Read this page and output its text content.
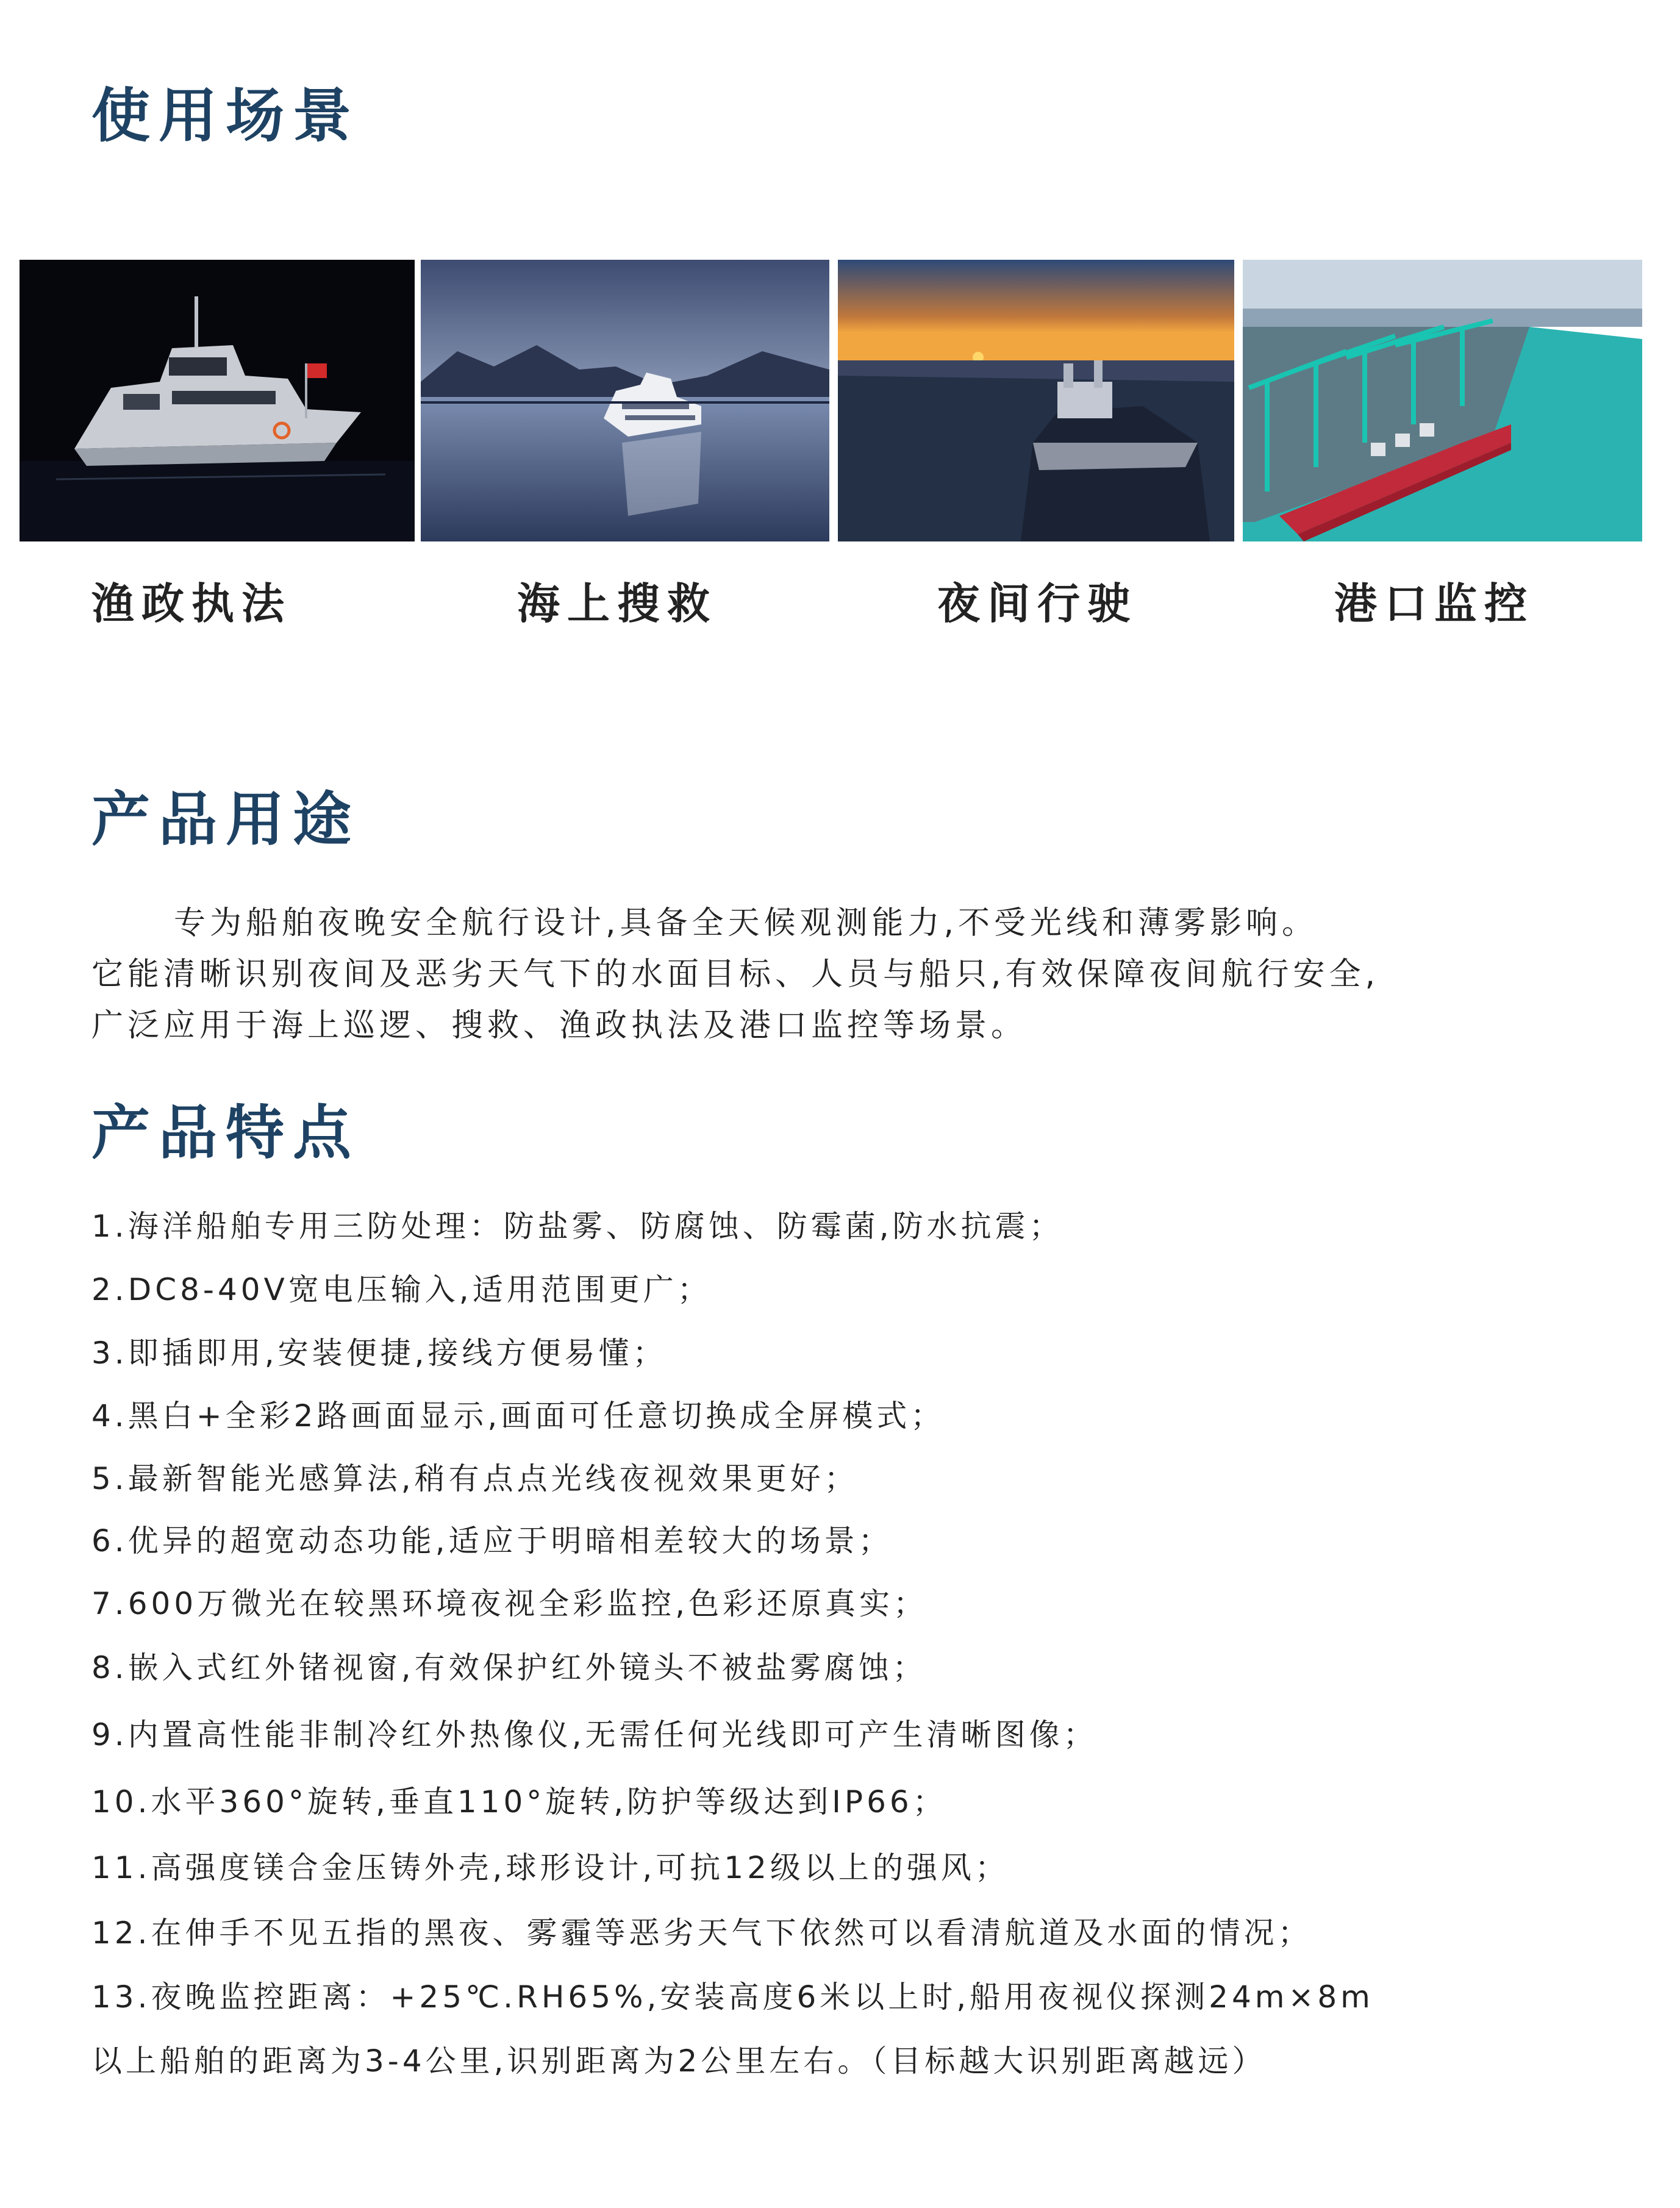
使用场景
渔政执法	海上搜救	夜间行驶	港口监控
产品用途

专为船舶夜晚安全航行设计,具备全天候观测能力,不受光线和薄雾影响。

它能清晰识别夜间及恶劣天气下的水面目标、人员与船只,有效保障夜间航行安全,

广泛应用于海上巡逻、搜救、渔政执法及港口监控等场景。

产品特点
1.海洋船舶专用三防处理：防盐雾、防腐蚀、防霉菌,防水抗震；
2.DC8-40V宽电压输入,适用范围更广；
3.即插即用,安装便捷,接线方便易懂；
4.黑白+全彩2路画面显示,画面可任意切换成全屏模式；
5.最新智能光感算法,稍有点点光线夜视效果更好；
6.优异的超宽动态功能,适应于明暗相差较大的场景；
7.600万微光在较黑环境夜视全彩监控,色彩还原真实；
8.嵌入式红外锗视窗,有效保护红外镜头不被盐雾腐蚀；
9.内置高性能非制冷红外热像仪,无需任何光线即可产生清晰图像；
10.水平360°旋转,垂直110°旋转,防护等级达到IP66；
11.高强度镁合金压铸外壳,球形设计,可抗12级以上的强风；
12.在伸手不见五指的黑夜、雾霾等恶劣天气下依然可以看清航道及水面的情况；
13.夜晚监控距离：+25℃.RH65%,安装高度6米以上时,船用夜视仪探测24m×8m
以上船舶的距离为3-4公里,识别距离为2公里左右。（目标越大识别距离越远）
